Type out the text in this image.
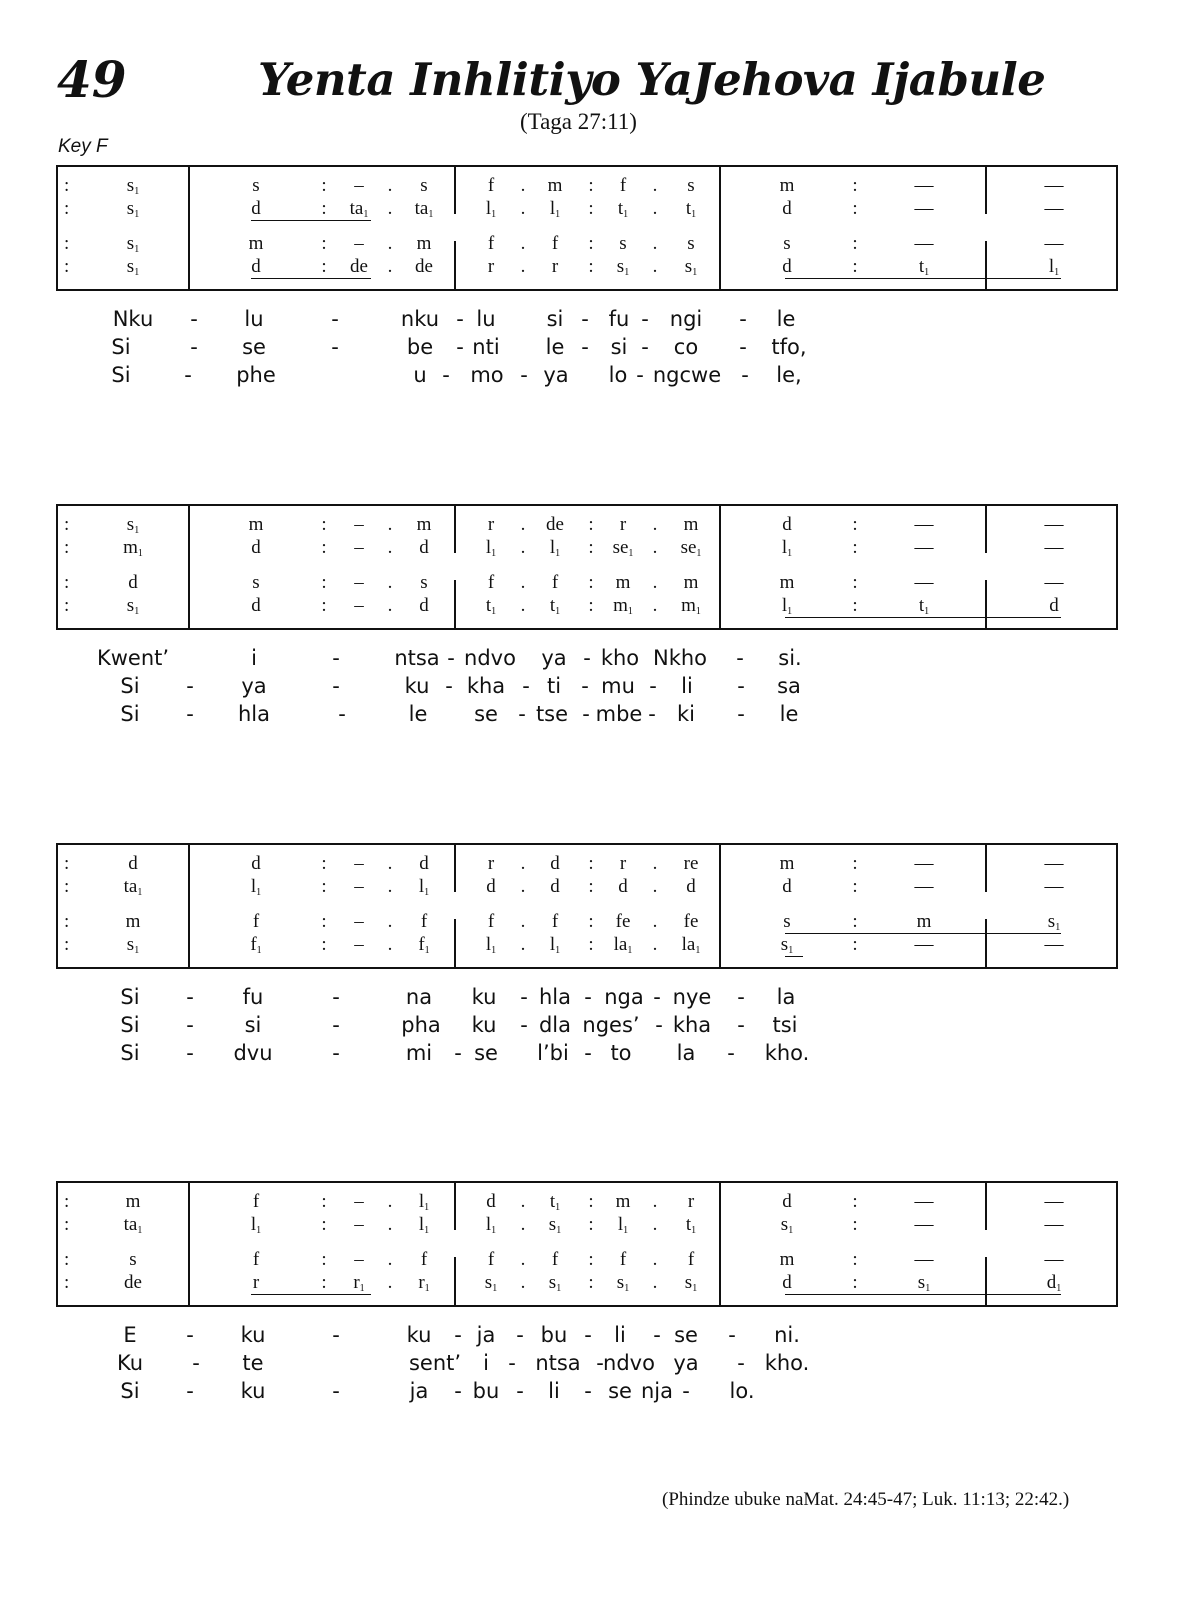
49	Yenta Inhlitiyo YaJehova Ijabule
(Taga 27:11)
Key F
:	$s_1$	s	: – . s	f . m : f . s	m	:	—	—
:	$s_1$	d	: $ta_1$ . $ta_1$	$l_1$ . $l_1$ : $t_1$ . $t_1$	d	:	—	—
:	$s_1$	m	: – . m	f . f : s . s	s	:	—	—
:	$s_1$	d	: de . de	r . r : $s_1$ . $s_1$	d	:	$t_1$	$l_1$
Nku - lu	-	nku - lu si - fu - ngi - le
Si	- se	-	be - nti le - si - co - tfo,
Si	- phe	u - mo - ya lo - ngcwe - le,
:	$s_1$	m	: – . m	r . de : r . m	d	:	—	—
:	$m_1$	d	: – . d	$l_1$ . $l_1$ : $se_1$ . $se_1$	$l_1$	:	—	—
:	d	s	: – . s	f . f : m . m	m	:	—	—
:	$s_1$	d	: – . d	$t_1$ . $t_1$ : $m_1$ . $m_1$	$l_1$	:	$t_1$	d
Kwent’	i	-	ntsa - ndvo ya - kho Nkho - si.
Si - ya	-	ku - kha - ti - mu - li - sa
Si - hla	-	le se - tse - mbe - ki - le
:	d	d	: – . d	r . d : r . re	m	:	—	—
:	$ta_1$	$l_1$	: – . $l_1$	d . d : d . d	d	:	—	—
:	m	f	: – . f	f . f : fe . fe	s	:	m	$s_1$
:	$s_1$	$f_1$	: – . $f_1$	$l_1$ . $l_1$ : $la_1$ . $la_1$	$s_1$	:	—	—
Si - fu	-	na ku - hla - nga - nye - la
Si - si	-	pha ku - dla nges’ - kha - tsi
Si - dvu	-	mi - se l’bi - to la - kho.
:	m	f	: – . $l_1$	d . $t_1$ : m . r	d	:	—	—
:	$ta_1$	$l_1$	: – . $l_1$	$l_1$ . $s_1$ : $l_1$ . $t_1$	$s_1$	:	—	—
:	s	f	: – . f	f . f : f . f	m	:	—	—
:	de	r	: $r_1$ . $r_1$	$s_1$ . $s_1$ : $s_1$ . $s_1$	d	:	$s_1$	$d_1$
E - ku	-	ku - ja - bu - li - se - ni.
Ku - te	sent’ i - ntsa - ndvo ya - kho.
Si - ku	-	ja - bu - li - se nja - lo.
(Phindze ubuke naMat. 24:45-47; Luk. 11:13; 22:42.)
